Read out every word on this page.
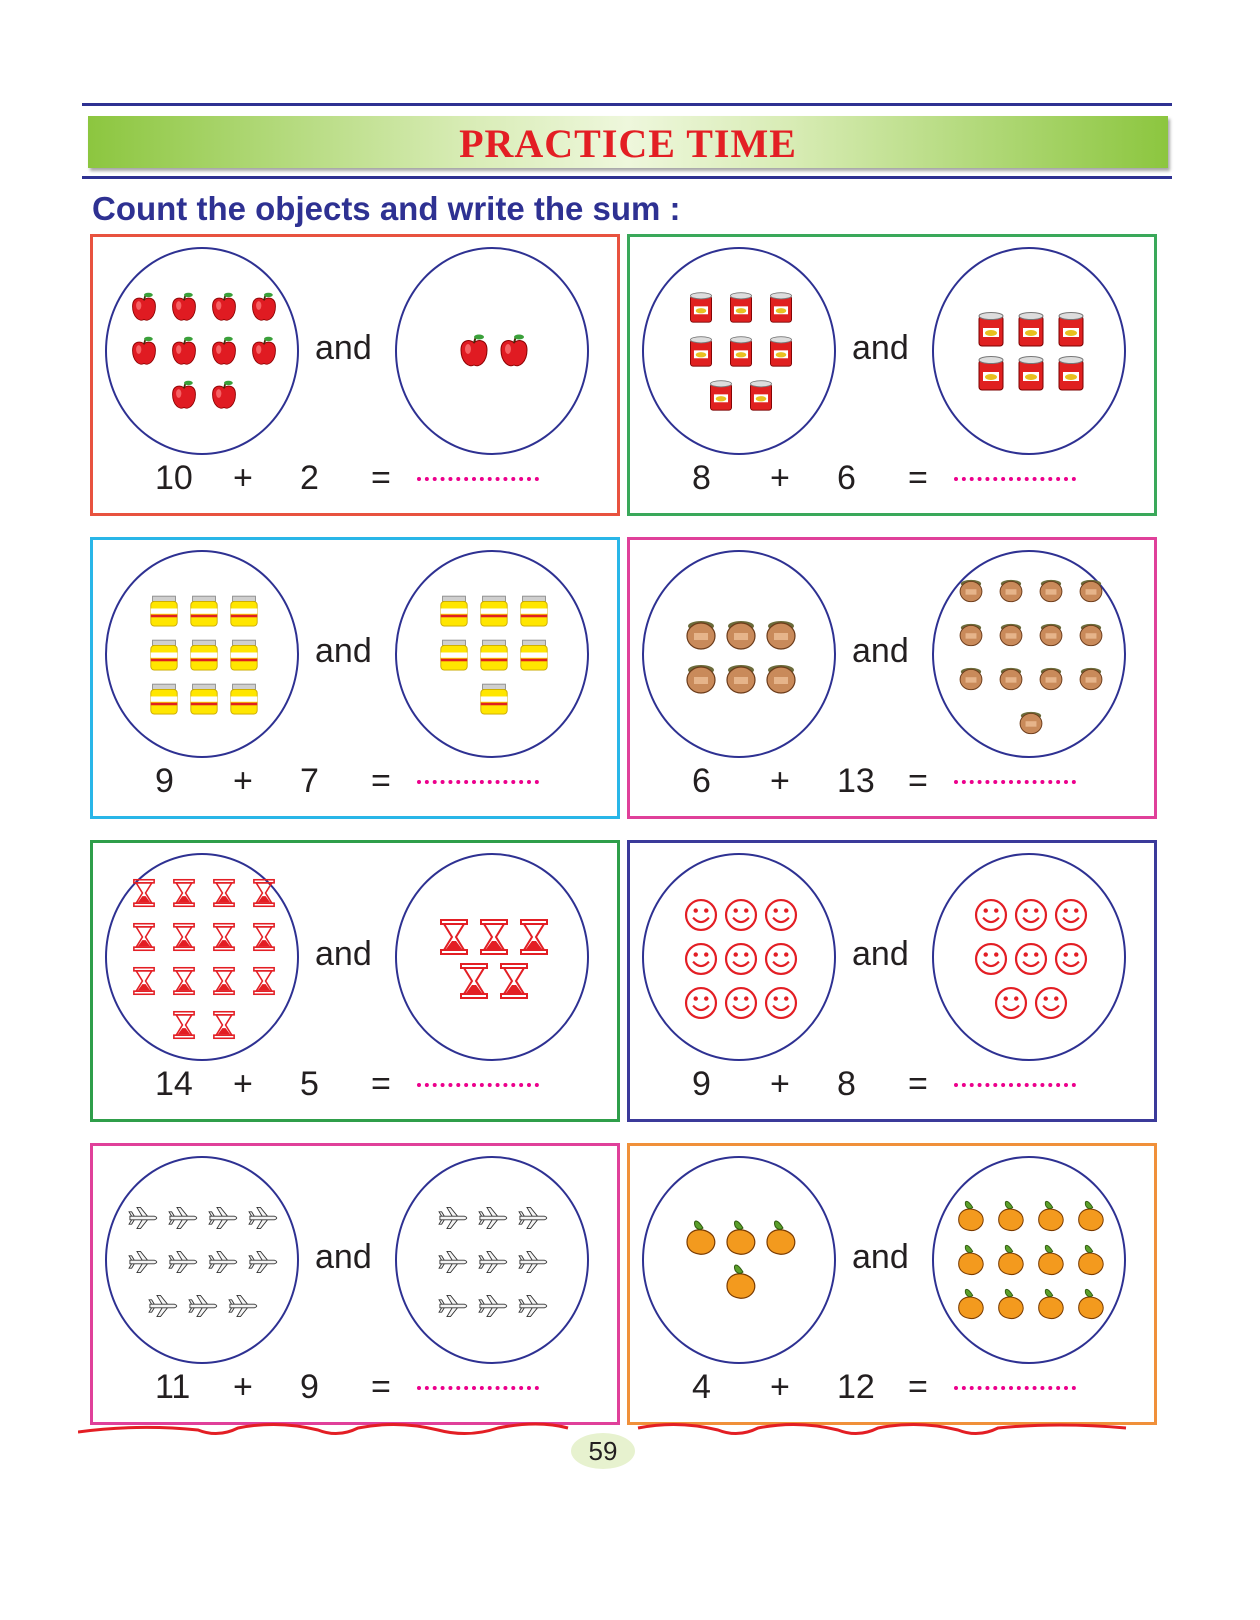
PRACTICE TIME
Count the objects and write the sum :
and
10 + 2 =
and
8 + 6 =
and
9 + 7 =
and
6 + 13 =
and
14 + 5 =
and
9 + 8 =
and
11 + 9 =
and
4 + 12 =
59
